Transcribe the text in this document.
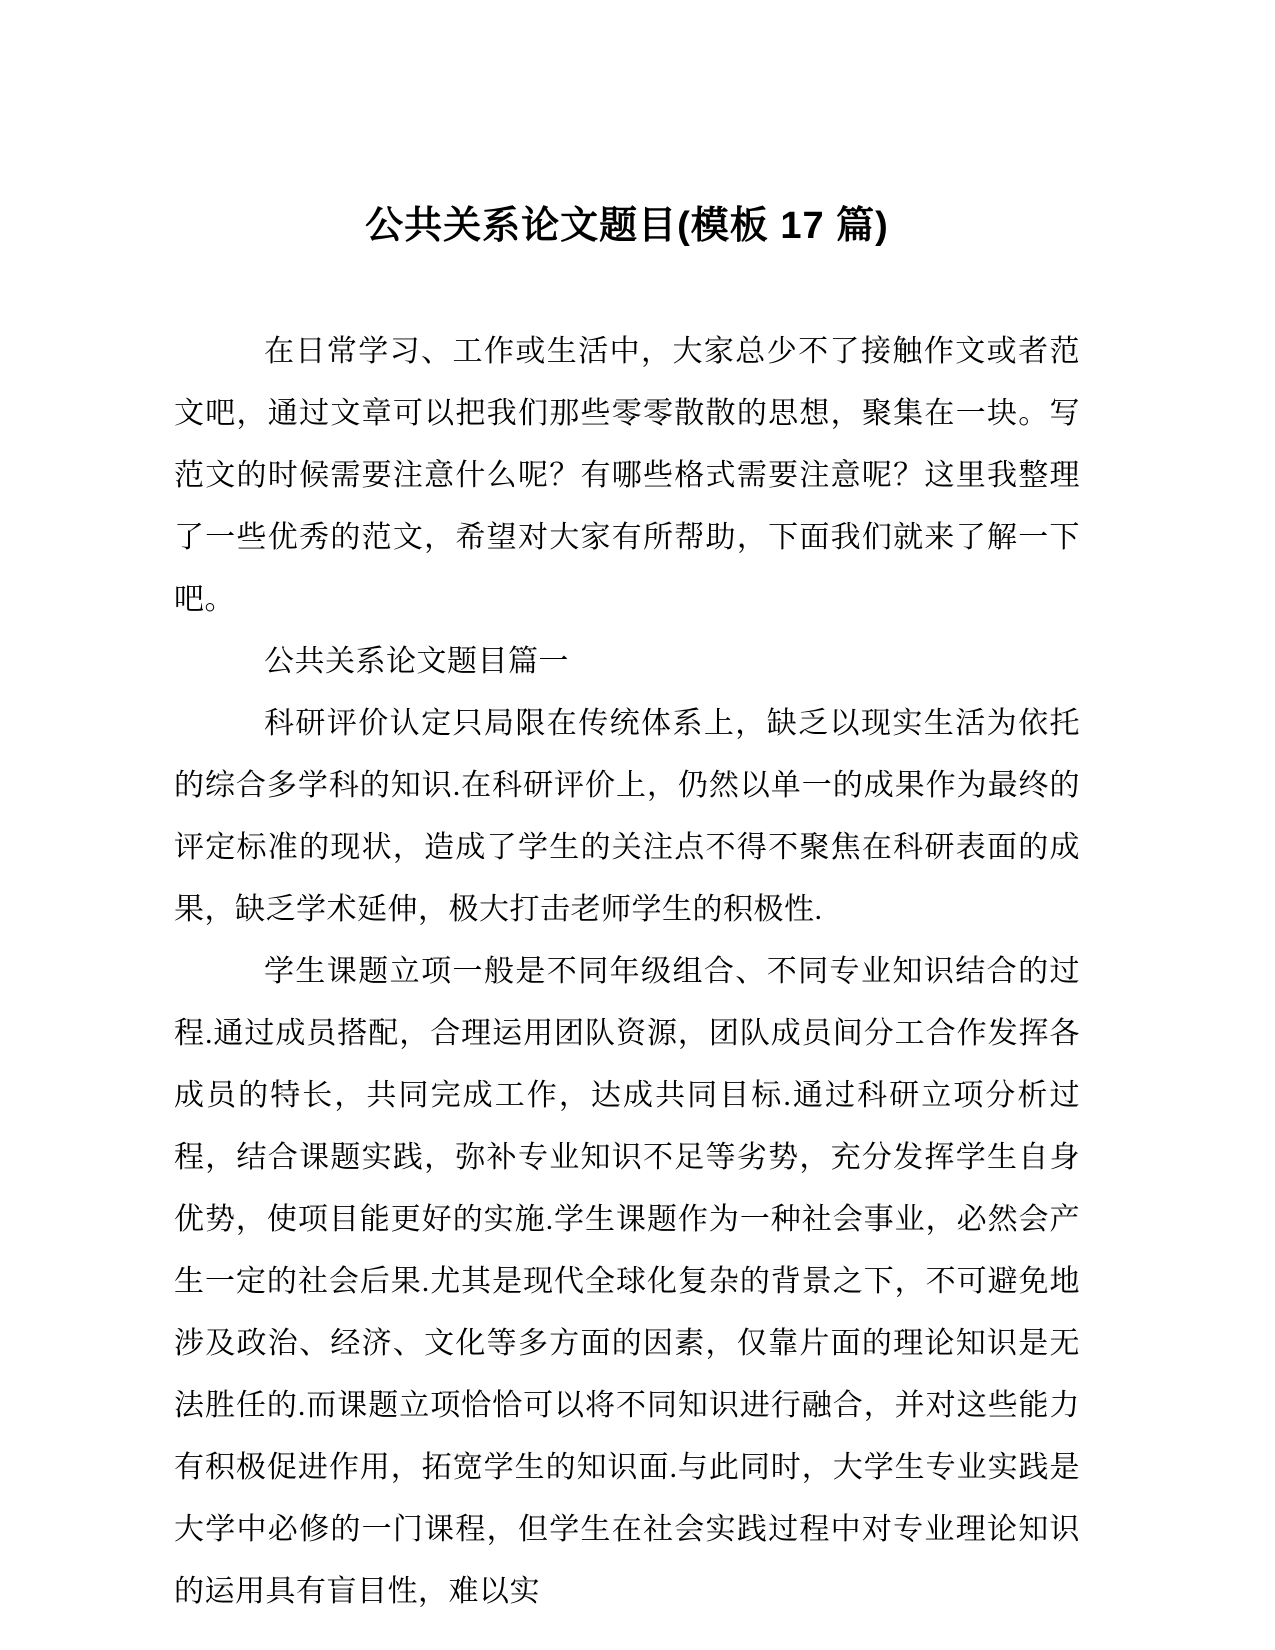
公共关系论文题目(模板 17 篇)

在日常学习、工作或生活中，大家总少不了接触作文或者范文吧，通过文章可以把我们那些零零散散的思想，聚集在一块。写范文的时候需要注意什么呢？有哪些格式需要注意呢？这里我整理了一些优秀的范文，希望对大家有所帮助，下面我们就来了解一下吧。

公共关系论文题目篇一

科研评价认定只局限在传统体系上，缺乏以现实生活为依托的综合多学科的知识.在科研评价上，仍然以单一的成果作为最终的评定标准的现状，造成了学生的关注点不得不聚焦在科研表面的成果，缺乏学术延伸，极大打击老师学生的积极性.

学生课题立项一般是不同年级组合、不同专业知识结合的过程.通过成员搭配，合理运用团队资源，团队成员间分工合作发挥各成员的特长，共同完成工作，达成共同目标.通过科研立项分析过程，结合课题实践，弥补专业知识不足等劣势，充分发挥学生自身优势，使项目能更好的实施.学生课题作为一种社会事业，必然会产生一定的社会后果.尤其是现代全球化复杂的背景之下，不可避免地涉及政治、经济、文化等多方面的因素，仅靠片面的理论知识是无法胜任的.而课题立项恰恰可以将不同知识进行融合，并对这些能力有积极促进作用，拓宽学生的知识面.与此同时，大学生专业实践是大学中必修的一门课程，但学生在社会实践过程中对专业理论知识的运用具有盲目性，难以实
